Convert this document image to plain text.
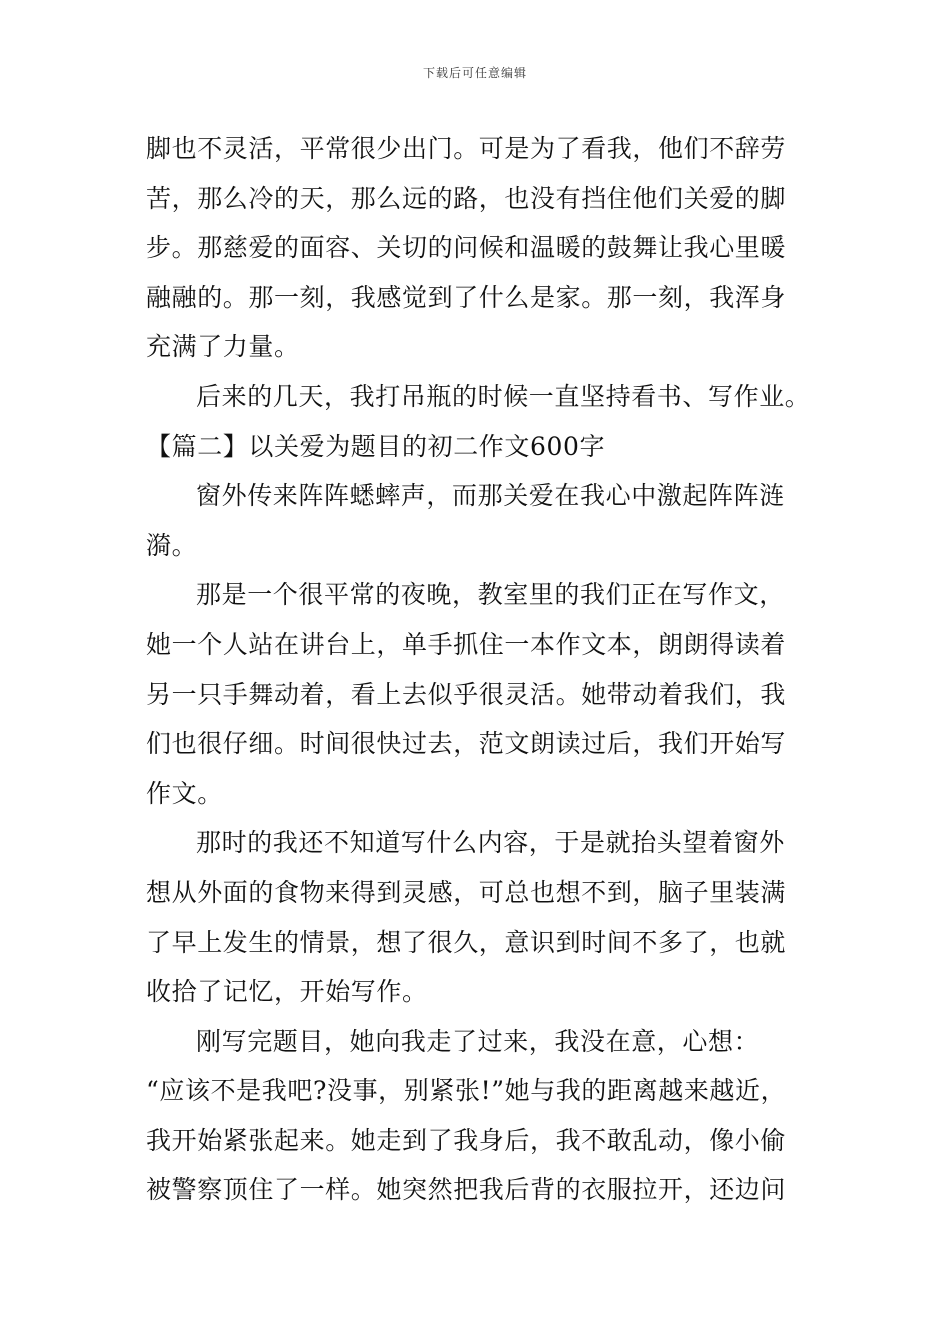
下载后可任意编辑

脚也不灵活，平常很少出门。可是为了看我，他们不辞劳

苦，那么冷的天，那么远的路，也没有挡住他们关爱的脚

步。那慈爱的面容、关切的问候和温暖的鼓舞让我心里暖

融融的。那一刻，我感觉到了什么是家。那一刻，我浑身

充满了力量。

后来的几天，我打吊瓶的时候一直坚持看书、写作业。

【篇二】以关爱为题目的初二作文600字

窗外传来阵阵蟋蟀声，而那关爱在我心中激起阵阵涟

漪。

那是一个很平常的夜晚，教室里的我们正在写作文，

她一个人站在讲台上，单手抓住一本作文本，朗朗得读着

另一只手舞动着，看上去似乎很灵活。她带动着我们，我

们也很仔细。时间很快过去，范文朗读过后，我们开始写

作文。

那时的我还不知道写什么内容，于是就抬头望着窗外

想从外面的食物来得到灵感，可总也想不到，脑子里装满

了早上发生的情景，想了很久，意识到时间不多了，也就

收拾了记忆，开始写作。

刚写完题目，她向我走了过来，我没在意，心想：

“应该不是我吧?没事，别紧张!”她与我的距离越来越近，

我开始紧张起来。她走到了我身后，我不敢乱动，像小偷

被警察顶住了一样。她突然把我后背的衣服拉开，还边问
